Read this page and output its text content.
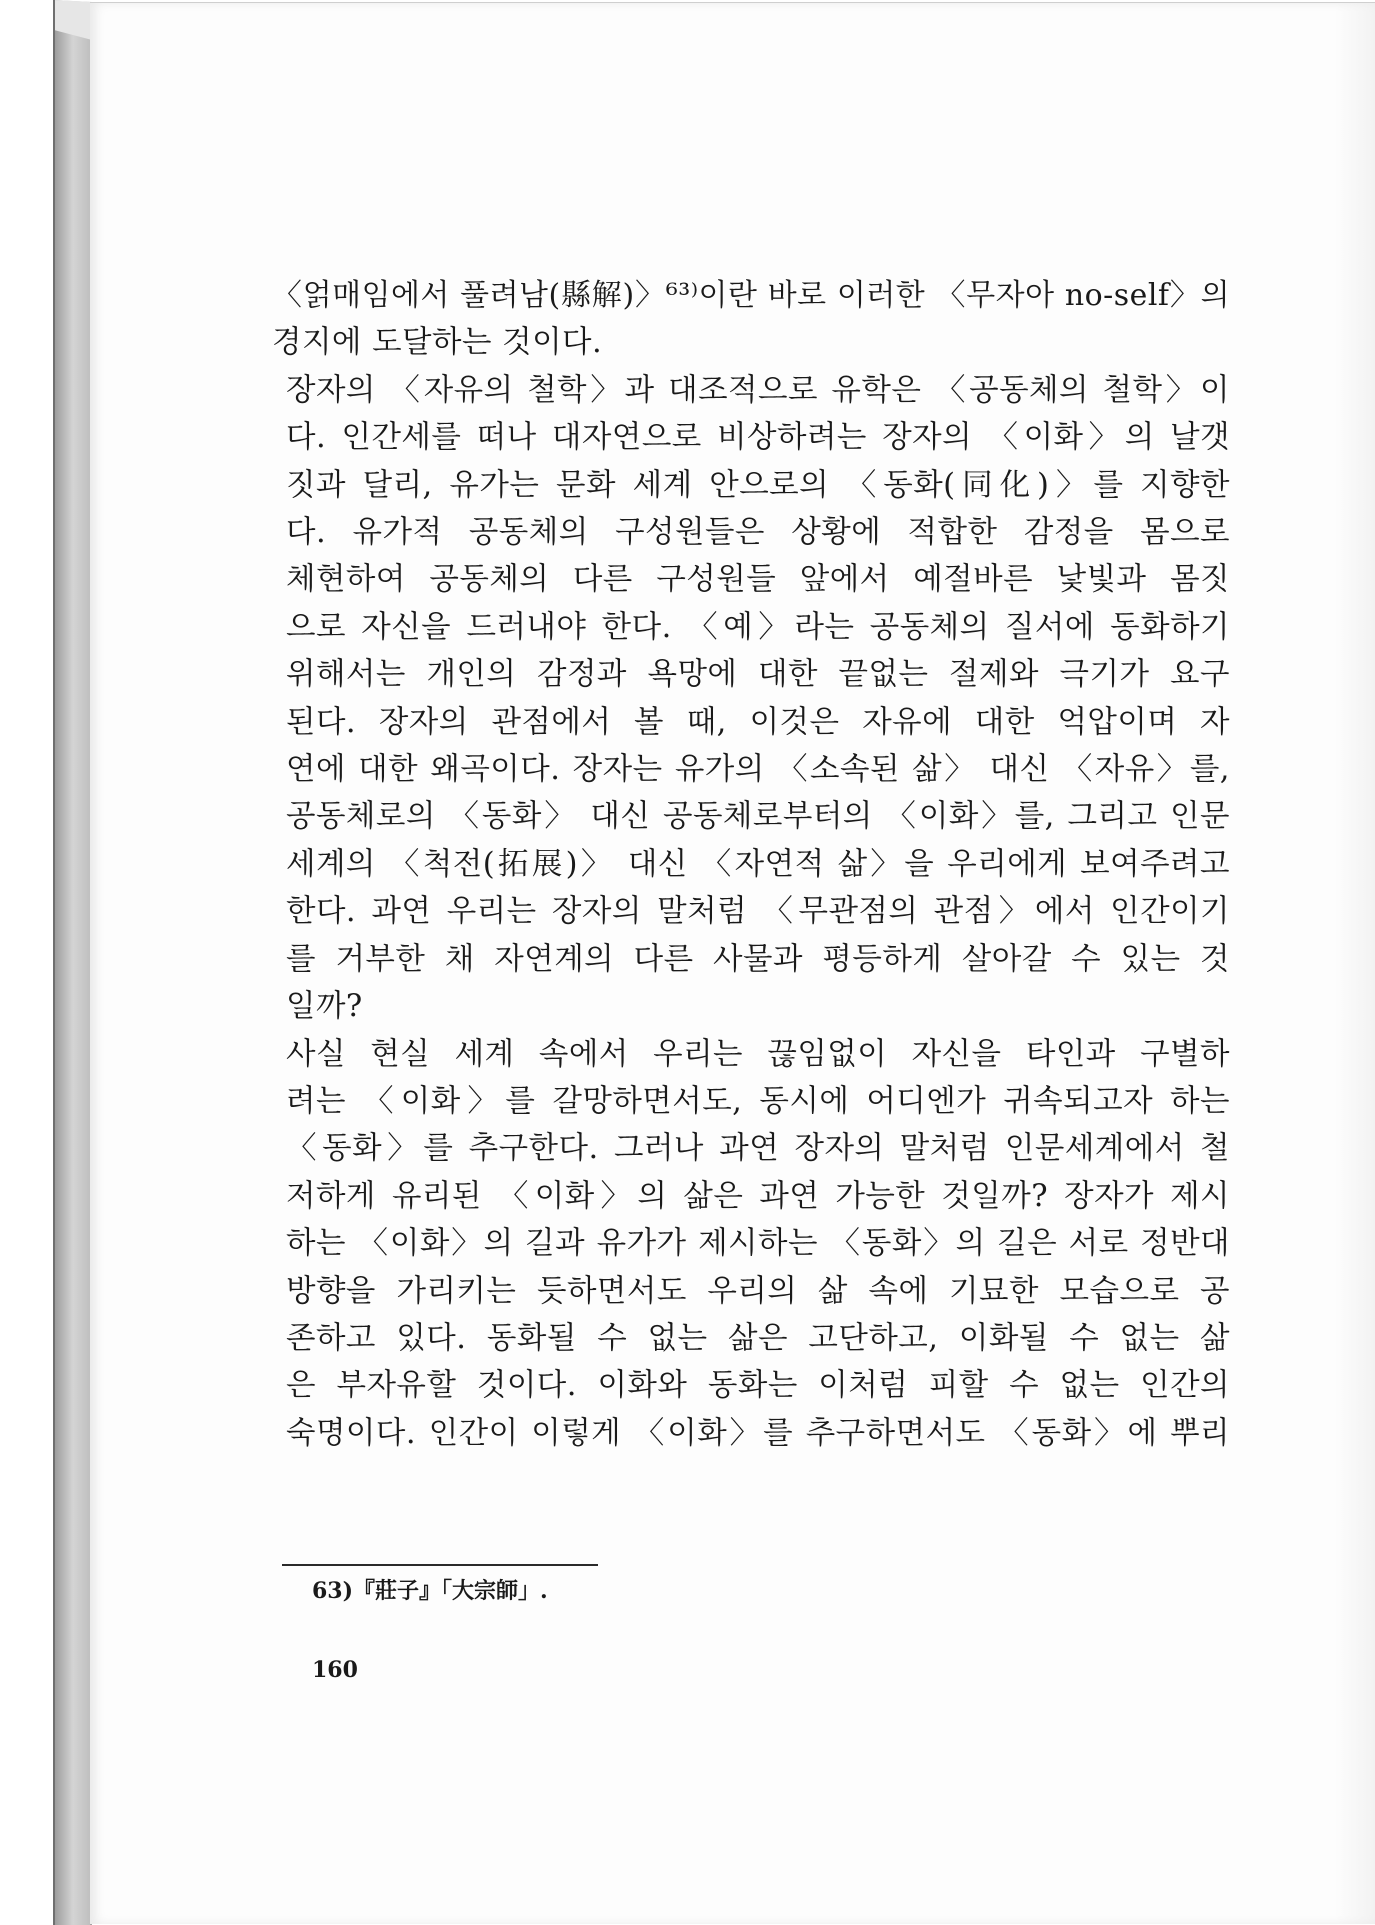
〈얽매임에서 풀려남(縣解)〉⁶³⁾이란 바로 이러한 〈무자아 no-self〉의
경지에 도달하는 것이다.

장자의 〈자유의 철학〉과 대조적으로 유학은 〈공동체의 철학〉이
다. 인간세를 떠나 대자연으로 비상하려는 장자의 〈이화〉의 날갯
짓과 달리, 유가는 문화 세계 안으로의 〈동화(同化)〉를 지향한
다. 유가적 공동체의 구성원들은 상황에 적합한 감정을 몸으로
체현하여 공동체의 다른 구성원들 앞에서 예절바른 낯빛과 몸짓
으로 자신을 드러내야 한다. 〈예〉라는 공동체의 질서에 동화하기
위해서는 개인의 감정과 욕망에 대한 끝없는 절제와 극기가 요구
된다. 장자의 관점에서 볼 때, 이것은 자유에 대한 억압이며 자
연에 대한 왜곡이다. 장자는 유가의 〈소속된 삶〉 대신 〈자유〉를,
공동체로의 〈동화〉 대신 공동체로부터의 〈이화〉를, 그리고 인문
세계의 〈척전(拓展)〉 대신 〈자연적 삶〉을 우리에게 보여주려고
한다. 과연 우리는 장자의 말처럼 〈무관점의 관점〉에서 인간이기
를 거부한 채 자연계의 다른 사물과 평등하게 살아갈 수 있는 것
일까?

사실 현실 세계 속에서 우리는 끊임없이 자신을 타인과 구별하
려는 〈이화〉를 갈망하면서도, 동시에 어디엔가 귀속되고자 하는
〈동화〉를 추구한다. 그러나 과연 장자의 말처럼 인문세계에서 철
저하게 유리된 〈이화〉의 삶은 과연 가능한 것일까? 장자가 제시
하는 〈이화〉의 길과 유가가 제시하는 〈동화〉의 길은 서로 정반대
방향을 가리키는 듯하면서도 우리의 삶 속에 기묘한 모습으로 공
존하고 있다. 동화될 수 없는 삶은 고단하고, 이화될 수 없는 삶
은 부자유할 것이다. 이화와 동화는 이처럼 피할 수 없는 인간의
숙명이다. 인간이 이렇게 〈이화〉를 추구하면서도 〈동화〉에 뿌리

63)『莊子』「大宗師」.
160
